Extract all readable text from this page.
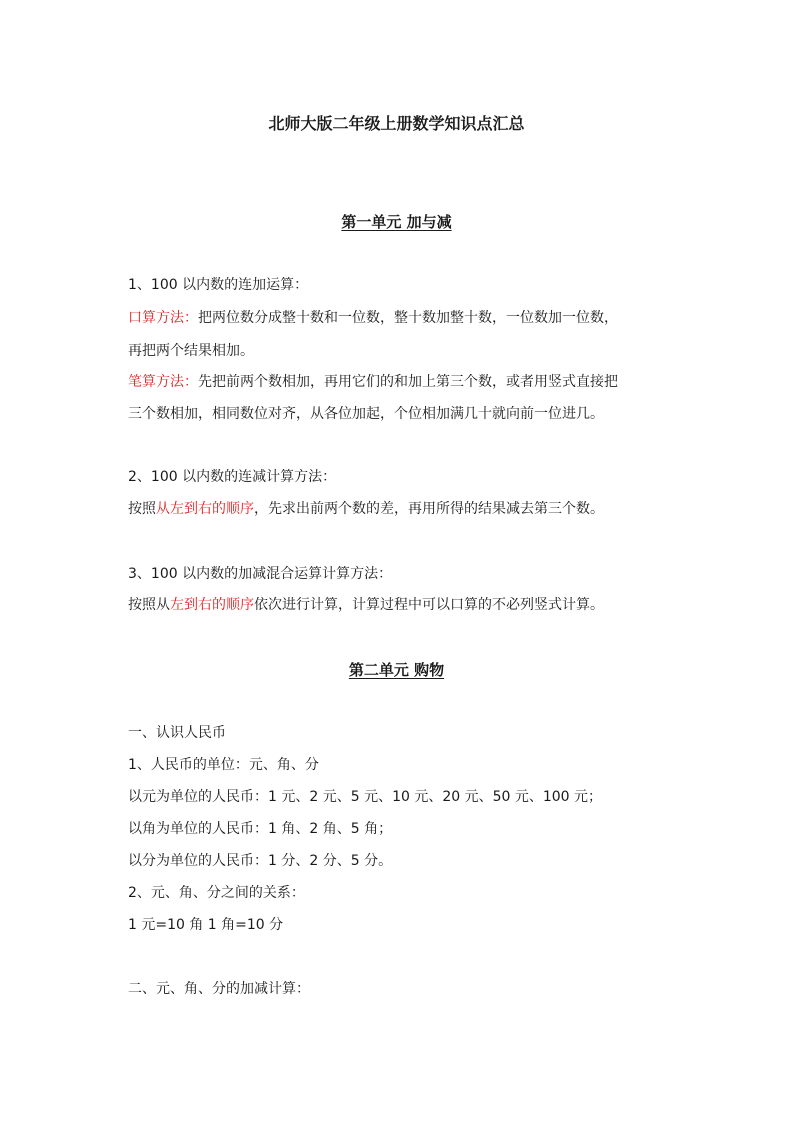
北师大版二年级上册数学知识点汇总
第一单元 加与减
1、100 以内数的连加运算：
口算方法：把两位数分成整十数和一位数，整十数加整十数，一位数加一位数，
再把两个结果相加。
笔算方法：先把前两个数相加，再用它们的和加上第三个数，或者用竖式直接把
三个数相加，相同数位对齐，从各位加起，个位相加满几十就向前一位进几。
2、100 以内数的连减计算方法：
按照从左到右的顺序，先求出前两个数的差，再用所得的结果减去第三个数。
3、100 以内数的加减混合运算计算方法：
按照从左到右的顺序依次进行计算，计算过程中可以口算的不必列竖式计算。
第二单元 购物
一、认识人民币
1、人民币的单位：元、角、分
以元为单位的人民币：1 元、2 元、5 元、10 元、20 元、50 元、100 元；
以角为单位的人民币：1 角、2 角、5 角；
以分为单位的人民币：1 分、2 分、5 分。
2、元、角、分之间的关系：
1 元=10 角 1 角=10 分
二、元、角、分的加减计算：
